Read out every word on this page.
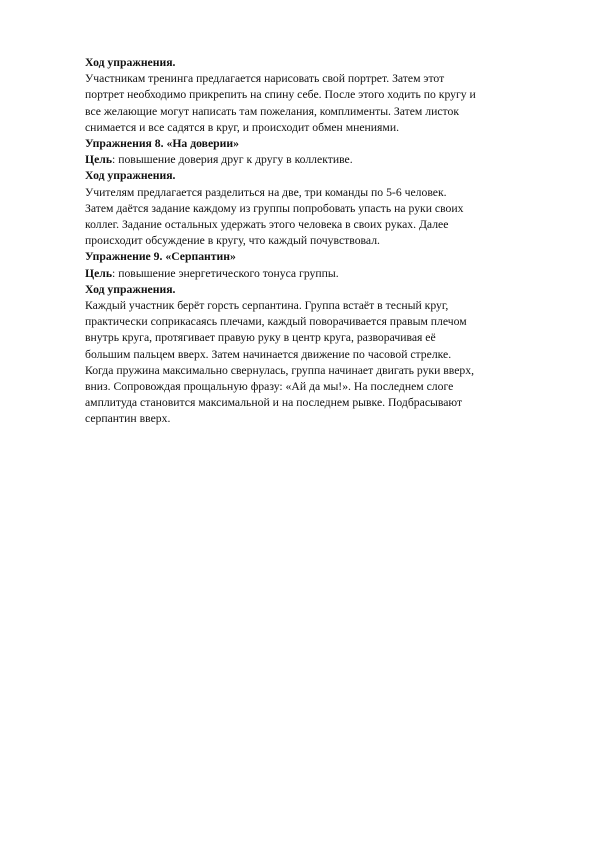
Ход упражнения.
Участникам тренинга предлагается нарисовать свой портрет. Затем этот
портрет необходимо прикрепить на спину себе. После этого ходить по кругу и
все желающие могут написать там пожелания, комплименты. Затем листок
снимается и все садятся в круг, и происходит обмен мнениями.
Упражнения 8. «На доверии»
Цель: повышение доверия друг к другу в коллективе.
Ход упражнения.
Учителям предлагается разделиться на две, три команды по 5-6 человек.
Затем даётся задание каждому из группы попробовать упасть на руки своих
коллег. Задание остальных удержать этого человека в своих руках. Далее
происходит обсуждение в кругу, что каждый почувствовал.
Упражнение 9. «Серпантин»
Цель: повышение энергетического тонуса группы.
Ход упражнения.
Каждый участник берёт горсть серпантина. Группа встаёт в тесный круг,
практически соприкасаясь плечами, каждый поворачивается правым плечом
внутрь круга, протягивает правую руку в центр круга, разворачивая её
большим пальцем вверх. Затем начинается движение по часовой стрелке.
Когда пружина максимально свернулась, группа начинает двигать руки вверх,
вниз. Сопровождая прощальную фразу: «Ай да мы!». На последнем слоге
амплитуда становится максимальной и на последнем рывке. Подбрасывают
серпантин вверх.
